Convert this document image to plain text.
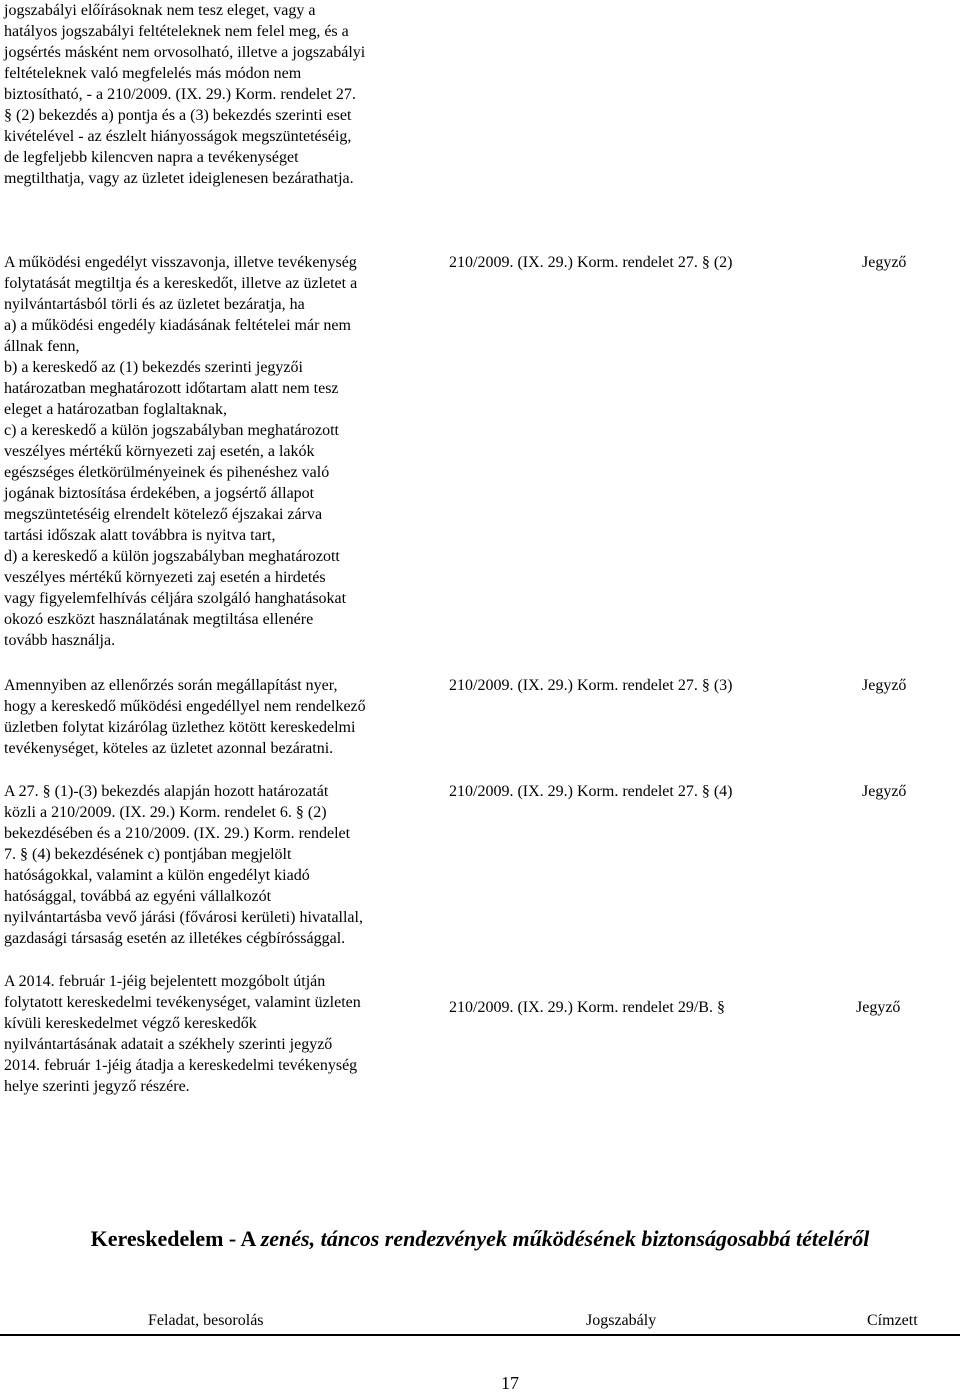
jogszabályi előírásoknak nem tesz eleget, vagy a

hatályos jogszabályi feltételeknek nem felel meg, és a

jogsértés másként nem orvosolható, illetve a jogszabályi

feltételeknek való megfelelés más módon nem

biztosítható, - a 210/2009. (IX. 29.) Korm. rendelet 27.

§ (2) bekezdés a) pontja és a (3) bekezdés szerinti eset

kivételével - az észlelt hiányosságok megszüntetéséig,

de legfeljebb kilencven napra a tevékenységet

megtilthatja, vagy az üzletet ideiglenesen bezárathatja.

A működési engedélyt visszavonja, illetve tevékenység

folytatását megtiltja és a kereskedőt, illetve az üzletet a

nyilvántartásból törli és az üzletet bezáratja, ha

a) a működési engedély kiadásának feltételei már nem

állnak fenn,

b) a kereskedő az (1) bekezdés szerinti jegyzői

határozatban meghatározott időtartam alatt nem tesz

eleget a határozatban foglaltaknak,

c) a kereskedő a külön jogszabályban meghatározott

veszélyes mértékű környezeti zaj esetén, a lakók

egészséges életkörülményeinek és pihenéshez való

jogának biztosítása érdekében, a jogsértő állapot

megszüntetéséig elrendelt kötelező éjszakai zárva

tartási időszak alatt továbbra is nyitva tart,

d) a kereskedő a külön jogszabályban meghatározott

veszélyes mértékű környezeti zaj esetén a hirdetés

vagy figyelemfelhívás céljára szolgáló hanghatásokat

okozó eszközt használatának megtiltása ellenére

tovább használja.

210/2009. (IX. 29.) Korm. rendelet 27. § (2)	Jegyző

Amennyiben az ellenőrzés során megállapítást nyer,

hogy a kereskedő működési engedéllyel nem rendelkező

üzletben folytat kizárólag üzlethez kötött kereskedelmi

tevékenységet, köteles az üzletet azonnal bezáratni.

210/2009. (IX. 29.) Korm. rendelet 27. § (3)	Jegyző

A 27. § (1)-(3) bekezdés alapján hozott határozatát

közli a 210/2009. (IX. 29.) Korm. rendelet 6. § (2)

bekezdésében és a 210/2009. (IX. 29.) Korm. rendelet

7. § (4) bekezdésének c) pontjában megjelölt

hatóságokkal, valamint a külön engedélyt kiadó

hatósággal, továbbá az egyéni vállalkozót

nyilvántartásba vevő járási (fővárosi kerületi) hivatallal,

gazdasági társaság esetén az illetékes cégbíróssággal.

210/2009. (IX. 29.) Korm. rendelet 27. § (4)	Jegyző

A 2014. február 1-jéig bejelentett mozgóbolt útján

folytatott kereskedelmi tevékenységet, valamint üzleten

kívüli kereskedelmet végző kereskedők

nyilvántartásának adatait a székhely szerinti jegyző

2014. február 1-jéig átadja a kereskedelmi tevékenység

helye szerinti jegyző részére.

210/2009. (IX. 29.) Korm. rendelet 29/B. §	Jegyző
Kereskedelem - A zenés, táncos rendezvények működésének biztonságosabbá tételéről
Feladat, besorolás	Jogszabály	Címzett
17
